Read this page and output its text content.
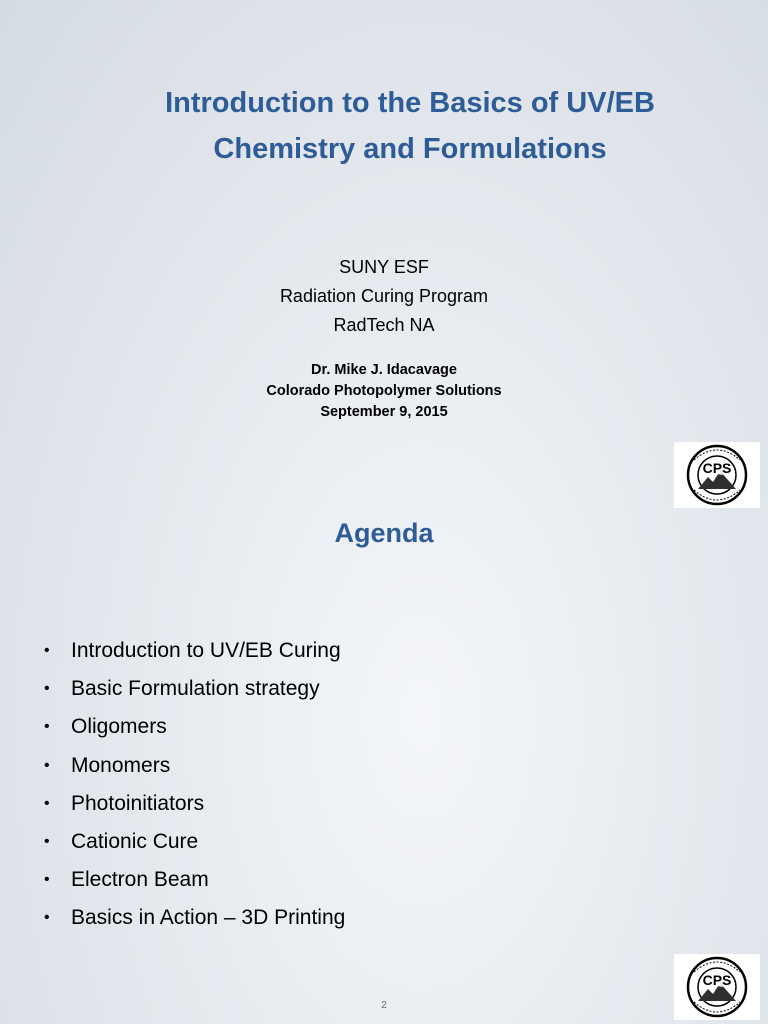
Introduction to the Basics of UV/EB
Chemistry and Formulations

SUNY ESF
Radiation Curing Program
RadTech NA

Dr. Mike J. Idacavage
Colorado Photopolymer Solutions
September 9, 2015

CPS
Agenda
• Introduction to UV/EB Curing
• Basic Formulation strategy
• Oligomers
• Monomers
• Photoinitiators
• Cationic Cure
• Electron Beam
• Basics in Action – 3D Printing
CPS
2
